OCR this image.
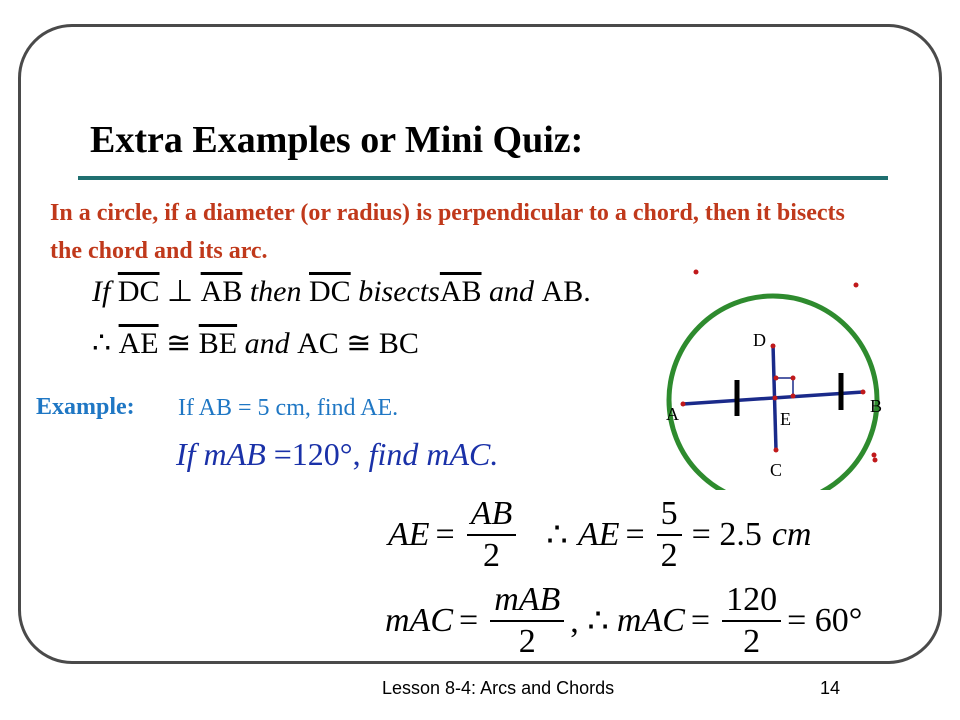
Extra Examples or Mini Quiz:
In a circle, if a diameter (or radius) is perpendicular to a chord, then it bisects the chord and its arc.
If $\overline{DC}$ ⊥ $\overline{AB}$ then $\overline{DC}$ $bisects\overline{AB}$ and AB.
∴ $\overline{AE}$ ≅ $\overline{BE}$ and AC ≅ BC
Example: If AB = 5 cm, find AE.
If mAB =120°, find mAC.
AE = $\frac{AB}{2}$ ∴ AE = $\frac{5}{2} = 2.5$ cm
mAC = $\frac{\text{mAB}}{2}$ , ∴ mAC = $\frac{120}{2} = 60^\circ$
D
A	B
E
C
Lesson 8-4: Arcs and Chords	14
